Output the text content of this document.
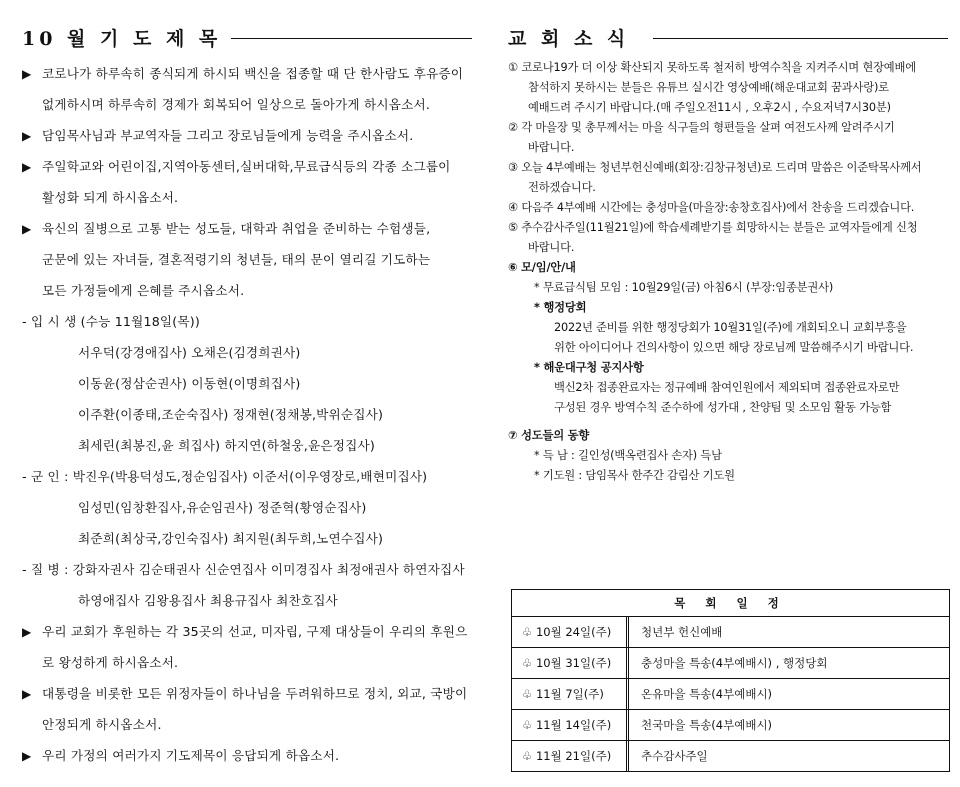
10 월 기 도 제 목
▶ 코로나가 하루속히 종식되게 하시되 백신을 접종할 때 단 한사람도 후유증이
없게하시며 하루속히 경제가 회복되어 일상으로 돌아가게 하시옵소서.
▶ 담임목사님과 부교역자들 그리고 장로님들에게 능력을 주시옵소서.
▶ 주일학교와 어린이집,지역아동센터,실버대학,무료급식등의 각종 소그룹이
활성화 되게 하시옵소서.
▶ 육신의 질병으로 고통 받는 성도들, 대학과 취업을 준비하는 수험생들,
군문에 있는 자녀들, 결혼적령기의 청년들, 태의 문이 열리길 기도하는
모든 가정들에게 은혜를 주시옵소서.
- 입 시 생 (수능 11월18일(목))
서우덕(강경애집사) 오채은(김경희권사)
이동윤(정삼순권사) 이동현(이명희집사)
이주환(이종태,조순숙집사) 정재현(정채봉,박위순집사)
최세린(최봉진,윤 희집사) 하지연(하철웅,윤은정집사)
- 군 인 : 박진우(박용덕성도,정순임집사) 이준서(이우영장로,배현미집사)
임성민(임창환집사,유순임권사) 정준혁(황영순집사)
최준희(최상국,강인숙집사) 최지원(최두희,노연수집사)
- 질 병 : 강화자권사 김순태권사 신순연집사 이미경집사 최정애권사 하연자집사
하영애집사 김왕용집사 최용규집사 최찬호집사
▶ 우리 교회가 후원하는 각 35곳의 선교, 미자립, 구제 대상들이 우리의 후원으
로 왕성하게 하시옵소서.
▶ 대통령을 비롯한 모든 위정자들이 하나님을 두려워하므로 정치, 외교, 국방이
안정되게 하시옵소서.
▶ 우리 가정의 여러가지 기도제목이 응답되게 하옵소서.
교 회 소 식
① 코로나19가 더 이상 확산되지 못하도록 철저히 방역수칙을 지켜주시며 현장예배에
참석하지 못하시는 분들은 유튜브 실시간 영상예배(해운대교회 꿈과사랑)로
예배드려 주시기 바랍니다.(매 주일오전11시 , 오후2시 , 수요저녁7시30분)
② 각 마을장 및 총무께서는 마을 식구들의 형편들을 살펴 여전도사께 알려주시기
바랍니다.
③ 오늘 4부예배는 청년부헌신예배(회장:김창규청년)로 드리며 말씀은 이준탁목사께서
전하겠습니다.
④ 다음주 4부예배 시간에는 충성마을(마을장:송창호집사)에서 찬송을 드리겠습니다.
⑤ 추수감사주일(11월21일)에 학습세례받기를 희망하시는 분들은 교역자들에게 신청
바랍니다.
⑥ 모/임/안/내
* 무료급식팀 모임 : 10월29일(금) 아침6시 (부장:임종분권사)
* 행정당회
2022년 준비를 위한 행정당회가 10월31일(주)에 개회되오니 교회부흥을
위한 아이디어나 건의사항이 있으면 해당 장로님께 말씀해주시기 바랍니다.
* 해운대구청 공지사항
백신2차 접종완료자는 정규예배 참여인원에서 제외되며 접종완료자로만
구성된 경우 방역수칙 준수하에 성가대 , 찬양팀 및 소모임 활동 가능함
⑦ 성도들의 동향
* 득 남 : 길인성(백옥련집사 손자) 득남
* 기도원 : 담임목사 한주간 감림산 기도원
목 회 일 정
♧ 10월 24일(주)	청년부 헌신예배
♧ 10월 31일(주)	충성마을 특송(4부예배시) , 행정당회
♧ 11월 7일(주)	온유마을 특송(4부예배시)
♧ 11월 14일(주)	천국마을 특송(4부예배시)
♧ 11월 21일(주)	추수감사주일
